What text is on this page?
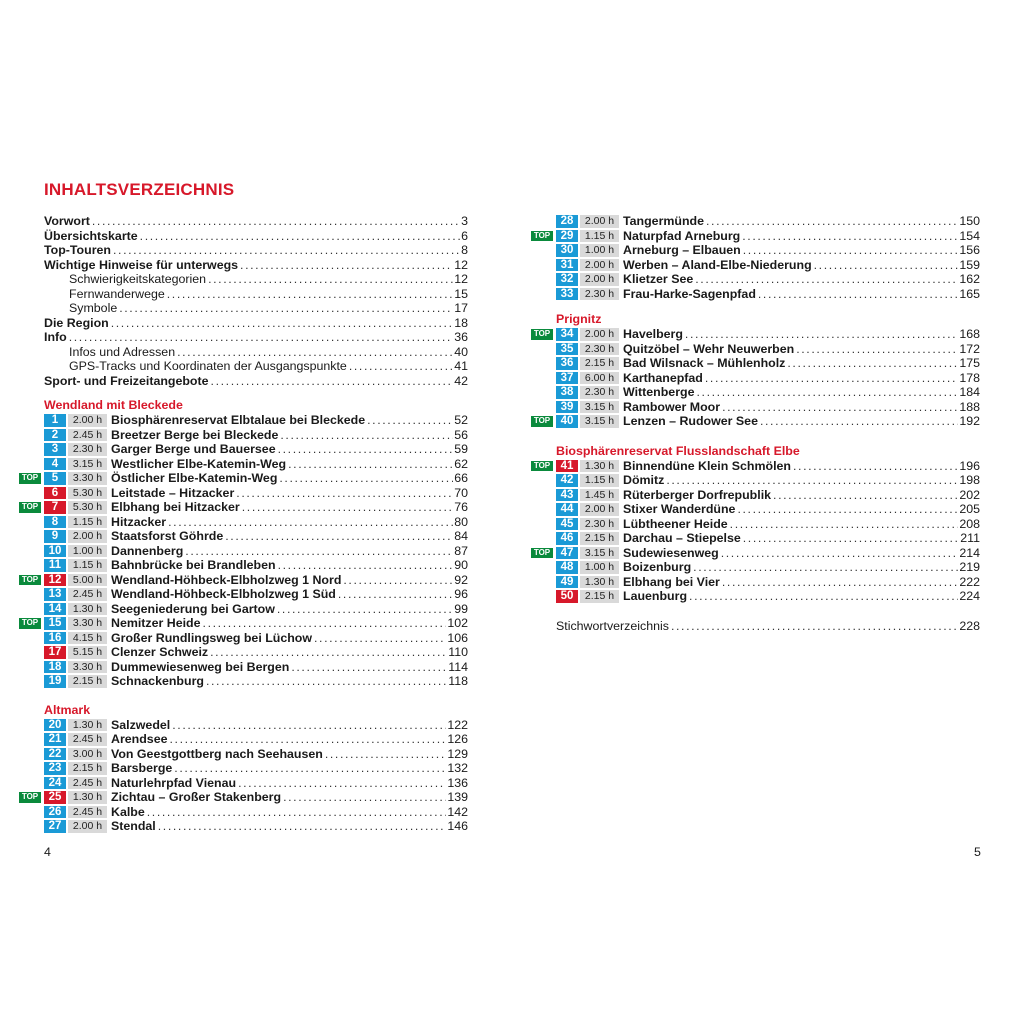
INHALTSVERZEICHNIS
Vorwort .....	3
Übersichtskarte .....	6
Top-Touren .....	8
Wichtige Hinweise für unterwegs .....	12
Schwierigkeitskategorien .....	12
Fernwanderwege .....	15
Symbole .....	17
Die Region .....	18
Info .....	36
Infos und Adressen .....	40
GPS-Tracks und Koordinaten der Ausgangspunkte .....	41
Sport- und Freizeitangebote .....	42
Wendland mit Bleckede
1	2.00 h Biosphärenreservat Elbtalaue bei Bleckede .....	52
2	2.45 h Breetzer Berge bei Bleckede .....	56
3	2.30 h Garger Berge und Bauersee .....	59
4	3.15 h Westlicher Elbe-Katemin-Weg .....	62
TOP	5	3.30 h Östlicher Elbe-Katemin-Weg .....	66
6	5.30 h Leitstade – Hitzacker .....	70
TOP	7	5.30 h Elbhang bei Hitzacker .....	76
8	1.15 h Hitzacker .....	80
9	2.00 h Staatsforst Göhrde .....	84
10	1.00 h Dannenberg .....	87
11	1.15 h Bahnbrücke bei Brandleben .....	90
TOP 12	5.00 h Wendland-Höhbeck-Elbholzweg 1 Nord .....	92
13	2.45 h Wendland-Höhbeck-Elbholzweg 1 Süd .....	96
14	1.30 h Seegeniederung bei Gartow .....	99
TOP 15	3.30 h Nemitzer Heide .....	102
16	4.15 h Großer Rundlingsweg bei Lüchow .....	106
17	5.15 h Clenzer Schweiz .....	110
18	3.30 h Dummewiesenweg bei Bergen .....	114
19	2.15 h Schnackenburg .....	118
Altmark
20	1.30 h Salzwedel .....	122
21	2.45 h Arendsee .....	126
22	3.00 h Von Geestgottberg nach Seehausen .....	129
23	2.15 h Barsberge .....	132
24	2.45 h Naturlehrpfad Vienau .....	136
TOP 25	1.30 h Zichtau – Großer Stakenberg .....	139
26	2.45 h Kalbe .....	142
27	2.00 h Stendal .....	146
28	2.00 h Tangermünde .....	150
TOP 29	1.15 h Naturpfad Arneburg .....	154
30	1.00 h Arneburg – Elbauen .....	156
31	2.00 h Werben – Aland-Elbe-Niederung .....	159
32	2.00 h Klietzer See .....	162
33	2.30 h Frau-Harke-Sagenpfad .....	165
Prignitz
TOP 34	2.00 h Havelberg .....	168
35	2.30 h Quitzöbel – Wehr Neuwerben .....	172
36	2.15 h Bad Wilsnack – Mühlenholz .....	175
37	6.00 h Karthanepfad .....	178
38	2.30 h Wittenberge .....	184
39	3.15 h Rambower Moor .....	188
TOP 40	3.15 h Lenzen – Rudower See .....	192
Biosphärenreservat Flusslandschaft Elbe
TOP 41	1.30 h Binnendüne Klein Schmölen .....	196
42	1.15 h Dömitz .....	198
43	1.45 h Rüterberger Dorfrepublik .....	202
44	2.00 h Stixer Wanderdüne .....	205
45	2.30 h Lübtheener Heide .....	208
46	2.15 h Darchau – Stiepelse .....	211
TOP 47	3.15 h Sudewiesenweg .....	214
48	1.00 h Boizenburg .....	219
49	1.30 h Elbhang bei Vier .....	222
50	2.15 h Lauenburg .....	224
Stichwortverzeichnis .....	228
4	5
